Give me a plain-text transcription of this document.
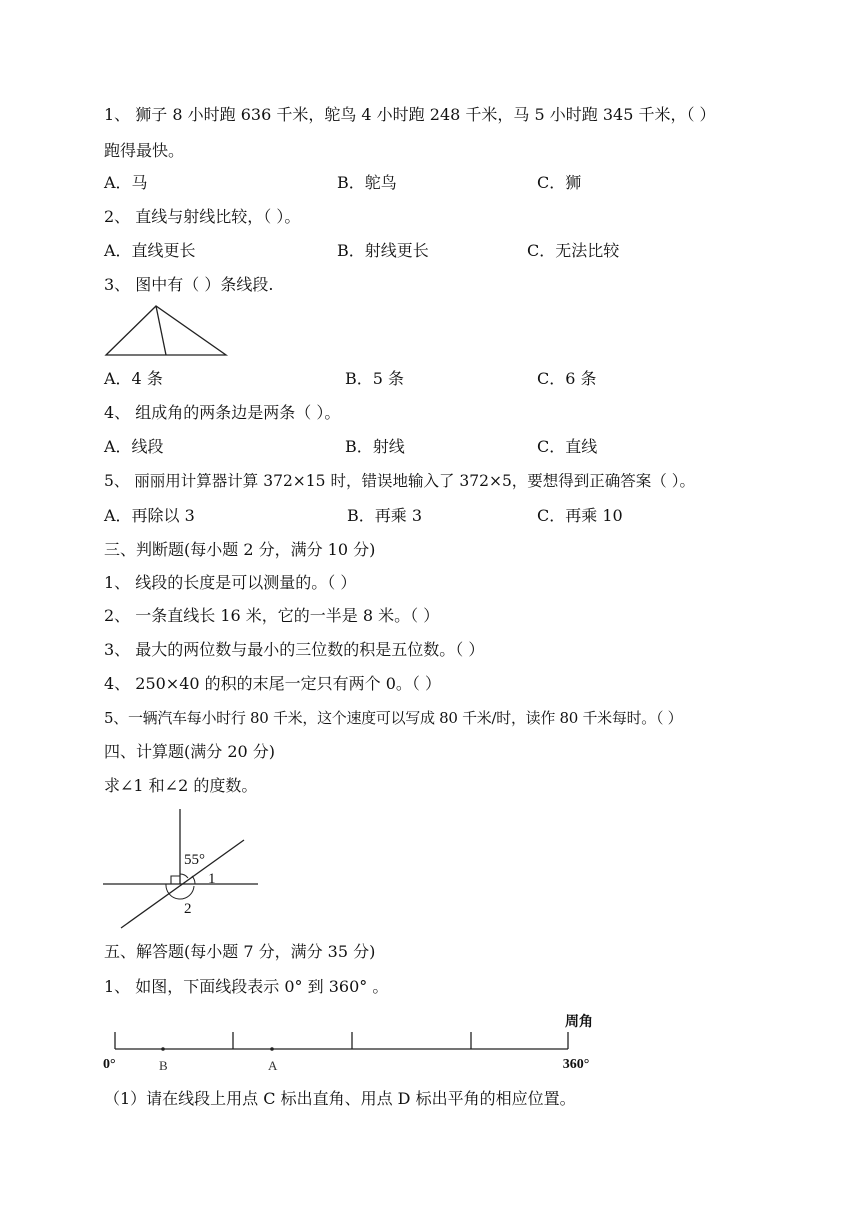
1、 狮子 8 小时跑 636 千米，鸵鸟 4 小时跑 248 千米，马 5 小时跑 345 千米，（ ）
跑得最快。
A．马	B．鸵鸟	C．狮
2、 直线与射线比较，（ ）。
A．直线更长	B．射线更长	C．无法比较
3、 图中有（ ）条线段.
A．4 条	B．5 条	C．6 条
4、 组成角的两条边是两条（ ）。
A．线段	B．射线	C．直线
5、 丽丽用计算器计算 372×15 时，错误地输入了 372×5，要想得到正确答案（ ）。
A．再除以 3	B．再乘 3	C．再乘 10
三、判断题(每小题 2 分，满分 10 分)
1、 线段的长度是可以测量的。（ ）
2、 一条直线长 16 米，它的一半是 8 米。（ ）
3、 最大的两位数与最小的三位数的积是五位数。（ ）
4、 250×40 的积的末尾一定只有两个 0。（ ）
5、一辆汽车每小时行 80 千米，这个速度可以写成 80 千米/时，读作 80 千米每时。（ ）
四、计算题(满分 20 分)
求∠1 和∠2 的度数。
55°
1
2
五、解答题(每小题 7 分，满分 35 分)
1、 如图，下面线段表示 0° 到 360° 。
0°	360°
周角
B	A
（1）请在线段上用点 C 标出直角、用点 D 标出平角的相应位置。
